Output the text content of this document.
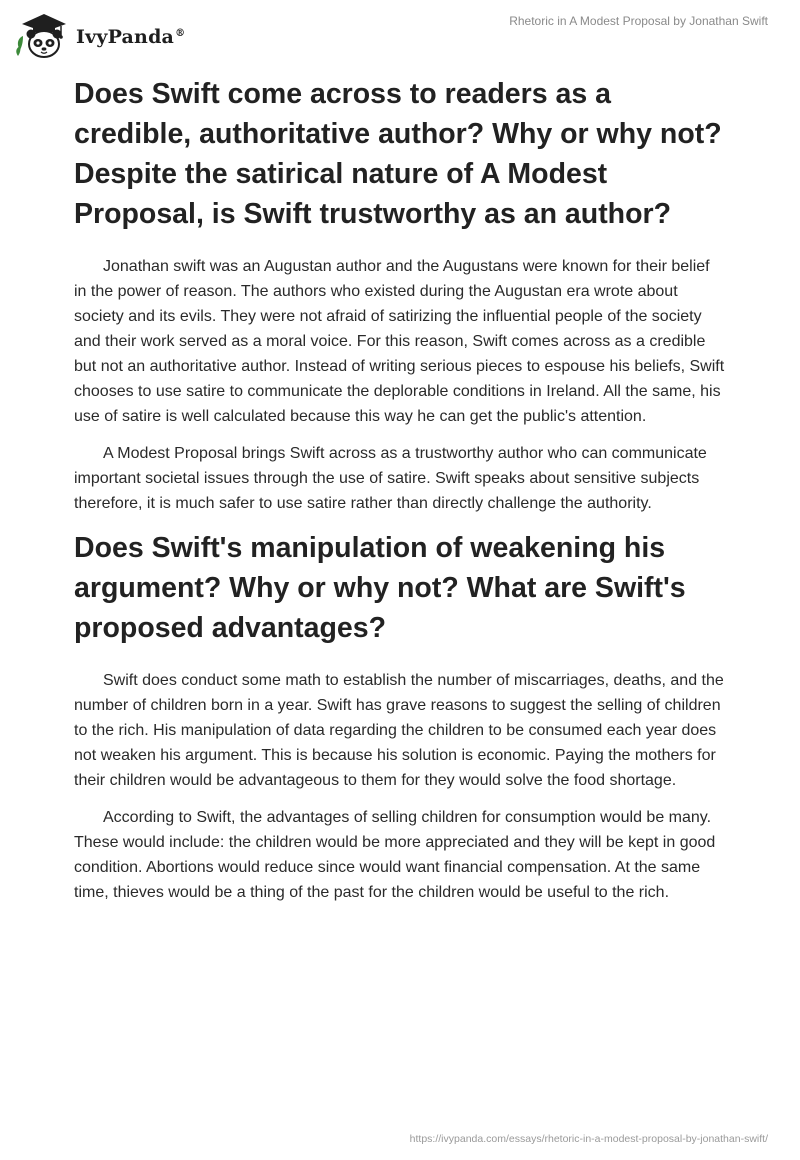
IvyPanda®
Rhetoric in A Modest Proposal by Jonathan Swift
Does Swift come across to readers as a credible, authoritative author? Why or why not? Despite the satirical nature of A Modest Proposal, is Swift trustworthy as an author?

Jonathan swift was an Augustan author and the Augustans were known for their belief in the power of reason. The authors who existed during the Augustan era wrote about society and its evils. They were not afraid of satirizing the influential people of the society and their work served as a moral voice. For this reason, Swift comes across as a credible but not an authoritative author. Instead of writing serious pieces to espouse his beliefs, Swift chooses to use satire to communicate the deplorable conditions in Ireland. All the same, his use of satire is well calculated because this way he can get the public's attention.

A Modest Proposal brings Swift across as a trustworthy author who can communicate important societal issues through the use of satire. Swift speaks about sensitive subjects therefore, it is much safer to use satire rather than directly challenge the authority.

Does Swift's manipulation of weakening his argument? Why or why not? What are Swift's proposed advantages?

Swift does conduct some math to establish the number of miscarriages, deaths, and the number of children born in a year. Swift has grave reasons to suggest the selling of children to the rich. His manipulation of data regarding the children to be consumed each year does not weaken his argument. This is because his solution is economic. Paying the mothers for their children would be advantageous to them for they would solve the food shortage.

According to Swift, the advantages of selling children for consumption would be many. These would include: the children would be more appreciated and they will be kept in good condition. Abortions would reduce since would want financial compensation. At the same time, thieves would be a thing of the past for the children would be useful to the rich.

https://ivypanda.com/essays/rhetoric-in-a-modest-proposal-by-jonathan-swift/
